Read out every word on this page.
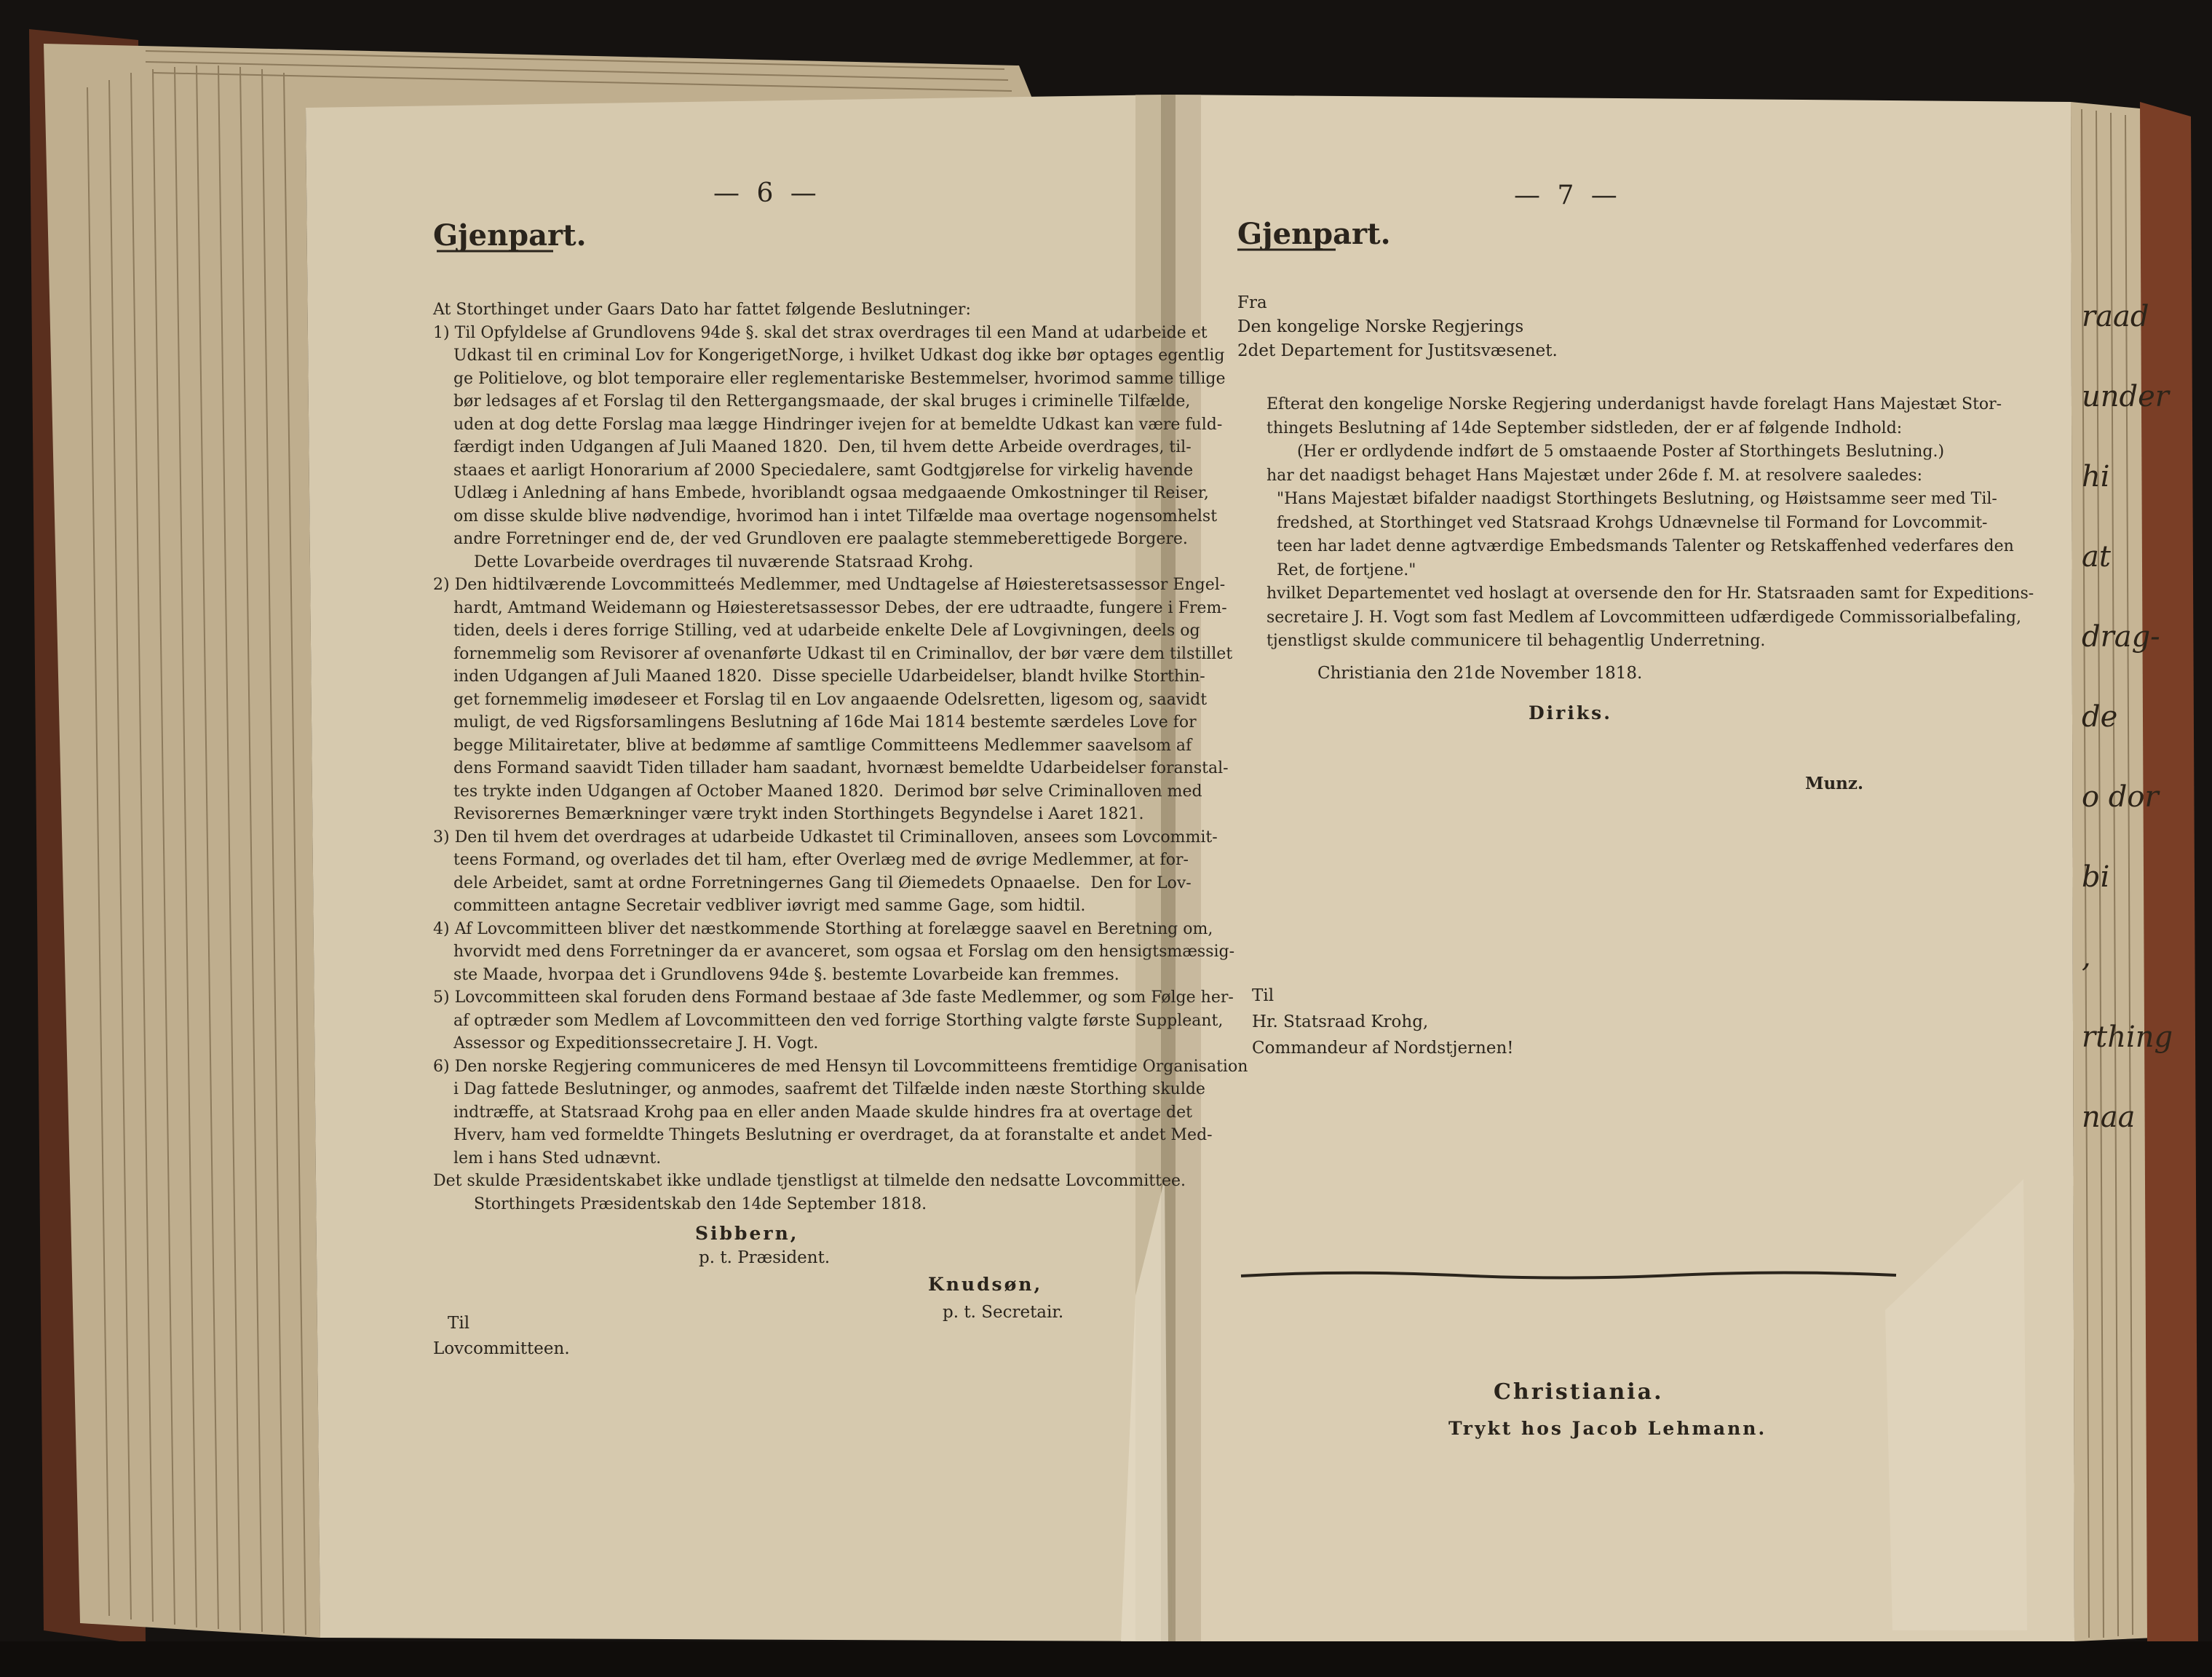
— 6 —
Gjenpart.
At Storthinget under Gaars Dato har fattet følgende Beslutninger:
1) Til Opfyldelse af Grundlovens 94de §. skal det strax overdrages til een Mand at udarbeide et
Udkast til en criminal Lov for KongerigetNorge, i hvilket Udkast dog ikke bør optages egentlig
ge Politielove, og blot temporaire eller reglementariske Bestemmelser, hvorimod samme tillige
bør ledsages af et Forslag til den Rettergangsmaade, der skal bruges i criminelle Tilfælde,
uden at dog dette Forslag maa lægge Hindringer ivejen for at bemeldte Udkast kan være fuld-
færdigt inden Udgangen af Juli Maaned 1820.  Den, til hvem dette Arbeide overdrages, til-
staaes et aarligt Honorarium af 2000 Speciedalere, samt Godtgjørelse for virkelig havende
Udlæg i Anledning af hans Embede, hvoriblandt ogsaa medgaaende Omkostninger til Reiser,
om disse skulde blive nødvendige, hvorimod han i intet Tilfælde maa overtage nogensomhelst
andre Forretninger end de, der ved Grundloven ere paalagte stemmeberettigede Borgere.
Dette Lovarbeide overdrages til nuværende Statsraad Krohg.
2) Den hidtilværende Lovcommitteés Medlemmer, med Undtagelse af Høiesteretsassessor Engel-
hardt, Amtmand Weidemann og Høiesteretsassessor Debes, der ere udtraadte, fungere i Frem-
tiden, deels i deres forrige Stilling, ved at udarbeide enkelte Dele af Lovgivningen, deels og
fornemmelig som Revisorer af ovenanførte Udkast til en Criminallov, der bør være dem tilstillet
inden Udgangen af Juli Maaned 1820.  Disse specielle Udarbeidelser, blandt hvilke Storthin-
get fornemmelig imødeseer et Forslag til en Lov angaaende Odelsretten, ligesom og, saavidt
muligt, de ved Rigsforsamlingens Beslutning af 16de Mai 1814 bestemte særdeles Love for
begge Militairetater, blive at bedømme af samtlige Committeens Medlemmer saavelsom af
dens Formand saavidt Tiden tillader ham saadant, hvornæst bemeldte Udarbeidelser foranstal-
tes trykte inden Udgangen af October Maaned 1820.  Derimod bør selve Criminalloven med
Revisorernes Bemærkninger være trykt inden Storthingets Begyndelse i Aaret 1821.
3) Den til hvem det overdrages at udarbeide Udkastet til Criminalloven, ansees som Lovcommit-
teens Formand, og overlades det til ham, efter Overlæg med de øvrige Medlemmer, at for-
dele Arbeidet, samt at ordne Forretningernes Gang til Øiemedets Opnaaelse.  Den for Lov-
committeen antagne Secretair vedbliver iøvrigt med samme Gage, som hidtil.
4) Af Lovcommitteen bliver det næstkommende Storthing at forelægge saavel en Beretning om,
hvorvidt med dens Forretninger da er avanceret, som ogsaa et Forslag om den hensigtsmæssig-
ste Maade, hvorpaa det i Grundlovens 94de §. bestemte Lovarbeide kan fremmes.
5) Lovcommitteen skal foruden dens Formand bestaae af 3de faste Medlemmer, og som Følge her-
af optræder som Medlem af Lovcommitteen den ved forrige Storthing valgte første Suppleant,
Assessor og Expeditionssecretaire J. H. Vogt.
6) Den norske Regjering communiceres de med Hensyn til Lovcommitteens fremtidige Organisation
i Dag fattede Beslutninger, og anmodes, saafremt det Tilfælde inden næste Storthing skulde
indtræffe, at Statsraad Krohg paa en eller anden Maade skulde hindres fra at overtage det
Hverv, ham ved formeldte Thingets Beslutning er overdraget, da at foranstalte et andet Med-
lem i hans Sted udnævnt.
Det skulde Præsidentskabet ikke undlade tjenstligst at tilmelde den nedsatte Lovcommittee.
Storthingets Præsidentskab den 14de September 1818.
Sibbern,
p. t. Præsident.
Knudsøn,
p. t. Secretair.
Til
Lovcommitteen.
— 7 —
Gjenpart.
Fra
Den kongelige Norske Regjerings
2det Departement for Justitsvæsenet.
Efterat den kongelige Norske Regjering underdanigst havde forelagt Hans Majestæt Stor-
thingets Beslutning af 14de September sidstleden, der er af følgende Indhold:
(Her er ordlydende indført de 5 omstaaende Poster af Storthingets Beslutning.)
har det naadigst behaget Hans Majestæt under 26de f. M. at resolvere saaledes:
"Hans Majestæt bifalder naadigst Storthingets Beslutning, og Høistsamme seer med Til-
fredshed, at Storthinget ved Statsraad Krohgs Udnævnelse til Formand for Lovcommit-
teen har ladet denne agtværdige Embedsmands Talenter og Retskaffenhed vederfares den
Ret, de fortjene."
hvilket Departementet ved hoslagt at oversende den for Hr. Statsraaden samt for Expeditions-
secretaire J. H. Vogt som fast Medlem af Lovcommitteen udfærdigede Commissorialbefaling,
tjenstligst skulde communicere til behagentlig Underretning.
Christiania den 21de November 1818.
Diriks.
Munz.
Til
Hr. Statsraad Krohg,
Commandeur af Nordstjernen!
Christiania.
Trykt hos Jacob Lehmann.
raad
under
hi
at
drag-
de
o dor
bi
,
rthing
naa
